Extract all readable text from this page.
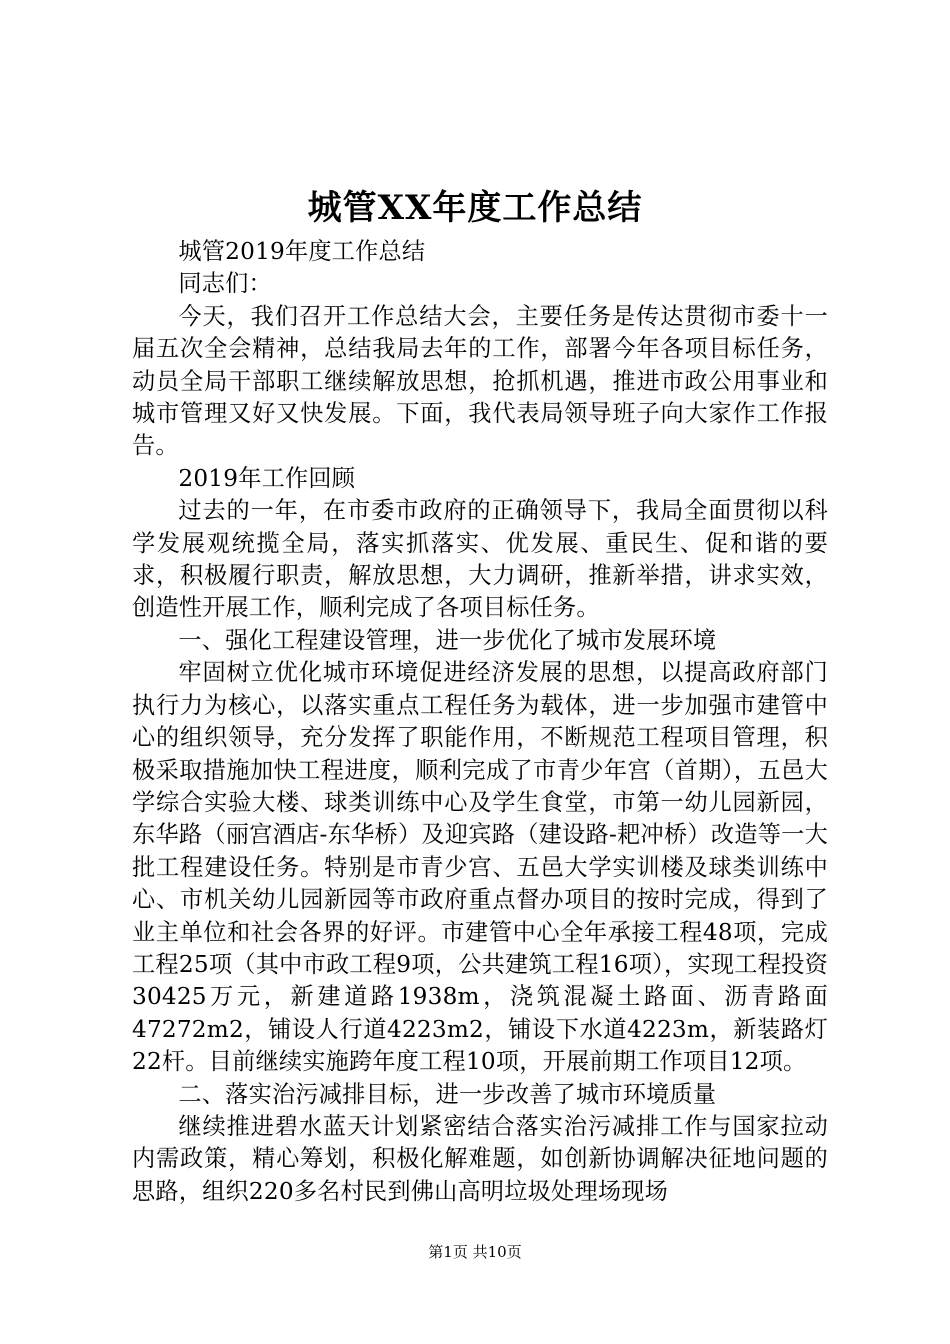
城管XX年度工作总结

城管2019年度工作总结

同志们：

今天，我们召开工作总结大会，主要任务是传达贯彻市委十一届五次全会精神，总结我局去年的工作，部署今年各项目标任务，动员全局干部职工继续解放思想，抢抓机遇，推进市政公用事业和城市管理又好又快发展。下面，我代表局领导班子向大家作工作报告。

2019年工作回顾

过去的一年，在市委市政府的正确领导下，我局全面贯彻以科学发展观统揽全局，落实抓落实、优发展、重民生、促和谐的要求，积极履行职责，解放思想，大力调研，推新举措，讲求实效，创造性开展工作，顺利完成了各项目标任务。

一、强化工程建设管理，进一步优化了城市发展环境

牢固树立优化城市环境促进经济发展的思想，以提高政府部门执行力为核心，以落实重点工程任务为载体，进一步加强市建管中心的组织领导，充分发挥了职能作用，不断规范工程项目管理，积极采取措施加快工程进度，顺利完成了市青少年宫（首期），五邑大学综合实验大楼、球类训练中心及学生食堂，市第一幼儿园新园，东华路（丽宫酒店-东华桥）及迎宾路（建设路-耙冲桥）改造等一大批工程建设任务。特别是市青少宫、五邑大学实训楼及球类训练中心、市机关幼儿园新园等市政府重点督办项目的按时完成，得到了业主单位和社会各界的好评。市建管中心全年承接工程48项，完成工程25项（其中市政工程9项，公共建筑工程16项），实现工程投资30425万元，新建道路1938m，浇筑混凝土路面、沥青路面47272m2，铺设人行道4223m2，铺设下水道4223m，新装路灯22杆。目前继续实施跨年度工程10项，开展前期工作项目12项。

二、落实治污减排目标，进一步改善了城市环境质量

继续推进碧水蓝天计划紧密结合落实治污减排工作与国家拉动内需政策，精心筹划，积极化解难题，如创新协调解决征地问题的思路，组织220多名村民到佛山高明垃圾处理场现场

第1页 共10页
